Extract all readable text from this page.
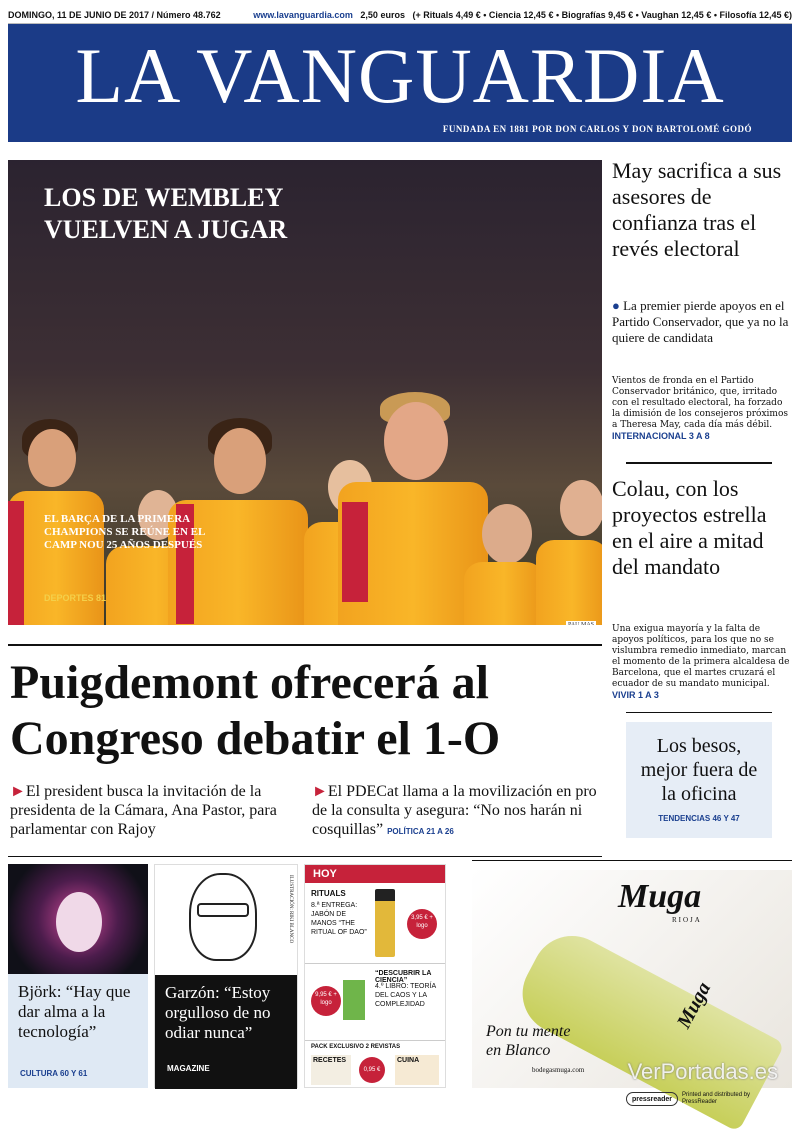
DOMINGO, 11 DE JUNIO DE 2017 / Número 48.762	www.lavanguardia.com 2,50 euros (+ Rituals 4,49 € • Ciencia 12,45 € • Biografías 9,45 € • Vaughan 12,45 € • Filosofía 12,45 €)
LA VANGUARDIA
FUNDADA EN 1881 POR DON CARLOS Y DON BARTOLOMÉ GODÓ
LOS DE WEMBLEY
VUELVEN A JUGAR
EL BARÇA DE LA PRIMERA CHAMPIONS SE REÚNE EN EL CAMP NOU 25 AÑOS DESPUÉS
DEPORTES 81
PAU MAS
May sacrifica a sus asesores de confianza tras el revés electoral
● La premier pierde apoyos en el Partido Conservador, que ya no la quiere de candidata
Vientos de fronda en el Partido Conservador británico, que, irritado con el resultado electoral, ha forzado la dimisión de los consejeros próximos a Theresa May, cada día más débil. INTERNACIONAL 3 A 8
Colau, con los proyectos estrella en el aire a mitad del mandato
Una exigua mayoría y la falta de apoyos políticos, para los que no se vislumbra remedio inmediato, marcan el momento de la primera alcaldesa de Barcelona, que el martes cruzará el ecuador de su mandato municipal. VIVIR 1 A 3
Los besos, mejor fuera de la oficina
TENDENCIAS 46 Y 47
Puigdemont ofrecerá al
Congreso debatir el 1-O
►El president busca la invitación de la presidenta de la Cámara, Ana Pastor, para parlamentar con Rajoy
►El PDECat llama a la movilización en pro de la consulta y asegura: “No nos harán ni cosquillas” POLÍTICA 21 A 26
Björk: “Hay que dar alma a la tecnología”
CULTURA 60 Y 61
ILUSTRACIÓN: RIKI BLANCO
Garzón: “Estoy orgulloso de no odiar nunca”
MAGAZINE
HOY
RITUALS
8.ª ENTREGA: JABÓN DE MANOS “THE RITUAL OF DAO”
3,95 € + logo
9,95 € + logo
“DESCUBRIR LA CIENCIA”
4.º LIBRO: TEORÍA DEL CAOS Y LA COMPLEJIDAD
PACK EXCLUSIVO 2 REVISTAS
RECETES
0,95 €
CUINA
Muga
RIOJA
Muga
Pon tu mente
en Blanco
bodegasmuga.com VerPortadas.es
pressreader
Printed and distributed by PressReader
